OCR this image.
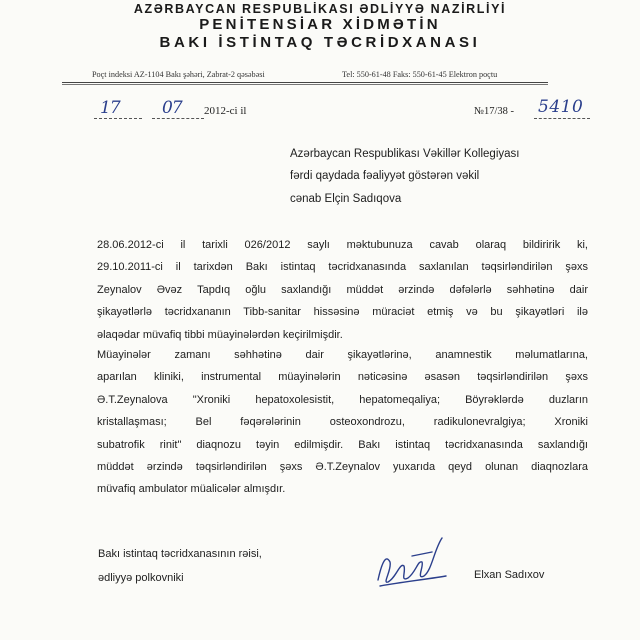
AZƏRBAYCAN RESPUBLİKASI ƏDLİYYƏ NAZİRLİYİ
PENİTENSİAR XİDMƏTİN
BAKI İSTİNTAQ TƏCRİDXANASI
Poçt indeksi AZ-1104 Bakı şəhəri, Zabrat-2 qəsəbəsi	Tel: 550-61-48 Faks: 550-61-45 Elektron poçtu
17 07 2012-ci il	№17/38 - 5410
Azərbaycan Respublikası Vəkillər Kollegiyası
fərdi qaydada fəaliyyət göstərən vəkil
cənab Elçin Sadıqova
28.06.2012-ci il tarixli 026/2012 saylı məktubunuza cavab olaraq bildiririk ki,
29.10.2011-ci il tarixdən Bakı istintaq təcridxanasında saxlanılan təqsirləndirilən şəxs
Zeynalov Əvəz Tapdıq oğlu saxlandığı müddət ərzində dəfələrlə səhhətinə dair
şikayətlərlə təcridxananın Tibb-sanitar hissəsinə müraciət etmiş və bu şikayətləri ilə
əlaqədar müvafiq tibbi müayinələrdən keçirilmişdir.
Müayinələr zamanı səhhətinə dair şikayətlərinə, anamnestik məlumatlarına,
aparılan kliniki, instrumental müayinələrin nəticəsinə əsasən təqsirləndirilən şəxs
Ə.T.Zeynalova "Xroniki hepatoxolesistit, hepatomeqaliya; Böyrəklərdə duzların
kristallaşması; Bel fəqərələrinin osteoxondrozu, radikulonevralgiya; Xroniki
subatrofik rinit" diaqnozu təyin edilmişdir. Bakı istintaq təcridxanasında saxlandığı
müddət ərzində təqsirləndirilən şəxs Ə.T.Zeynalov yuxarıda qeyd olunan diaqnozlara
müvafiq ambulator müalicələr almışdır.
Bakı istintaq təcridxanasının rəisi,
ədliyyə polkovniki	Elxan Sadıxov
